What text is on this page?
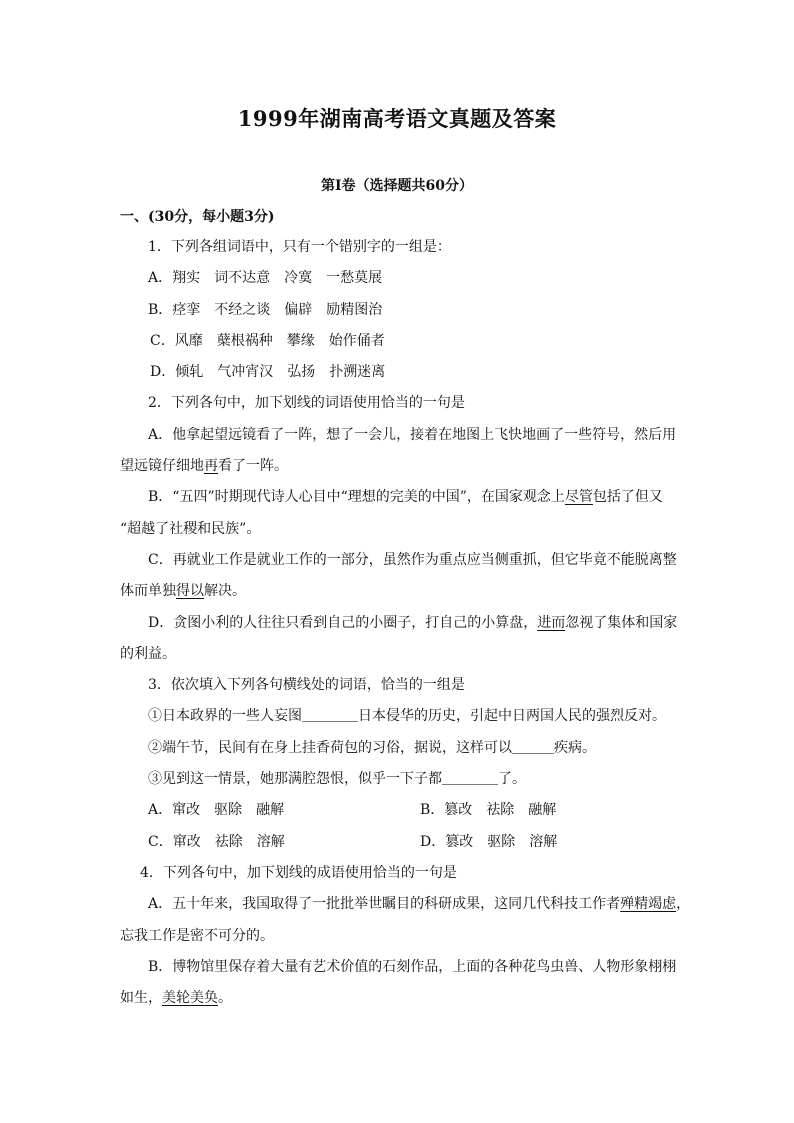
1999年湖南高考语文真题及答案
第Ⅰ卷（选择题共60分）
一、(30分，每小题3分)
1．下列各组词语中，只有一个错别字的一组是：
A．翔实　词不达意　冷寞　一愁莫展
B．痉挛　不经之谈　偏辟　励精图治
C．风靡　蘖根祸种　攀缘　始作俑者
D．倾轧　气冲宵汉　弘扬　扑溯迷离
2．下列各句中，加下划线的词语使用恰当的一句是
A．他拿起望远镜看了一阵，想了一会儿，接着在地图上飞快地画了一些符号，然后用
望远镜仔细地再看了一阵。
B．“五四”时期现代诗人心目中“理想的完美的中国”，在国家观念上尽管包括了但又
“超越了社稷和民族”。
C．再就业工作是就业工作的一部分，虽然作为重点应当侧重抓，但它毕竟不能脱离整
体而单独得以解决。
D．贪图小利的人往往只看到自己的小圈子，打自己的小算盘，进而忽视了集体和国家
的利益。
3．依次填入下列各句横线处的词语，恰当的一组是
①日本政界的一些人妄图＿＿＿＿日本侵华的历史，引起中日两国人民的强烈反对。
②端午节，民间有在身上挂香荷包的习俗，据说，这样可以＿＿＿疾病。
③见到这一情景，她那满腔怨恨，似乎一下子都＿＿＿＿了。
A．窜改　驱除　融解	B．篡改　祛除　融解
C．窜改　祛除　溶解	D．篡改　驱除　溶解
4．下列各句中，加下划线的成语使用恰当的一句是
A．五十年来，我国取得了一批批举世瞩目的科研成果，这同几代科技工作者殚精竭虑，
忘我工作是密不可分的。
B．博物馆里保存着大量有艺术价值的石刻作品，上面的各种花鸟虫兽、人物形象栩栩
如生，美轮美奂。
